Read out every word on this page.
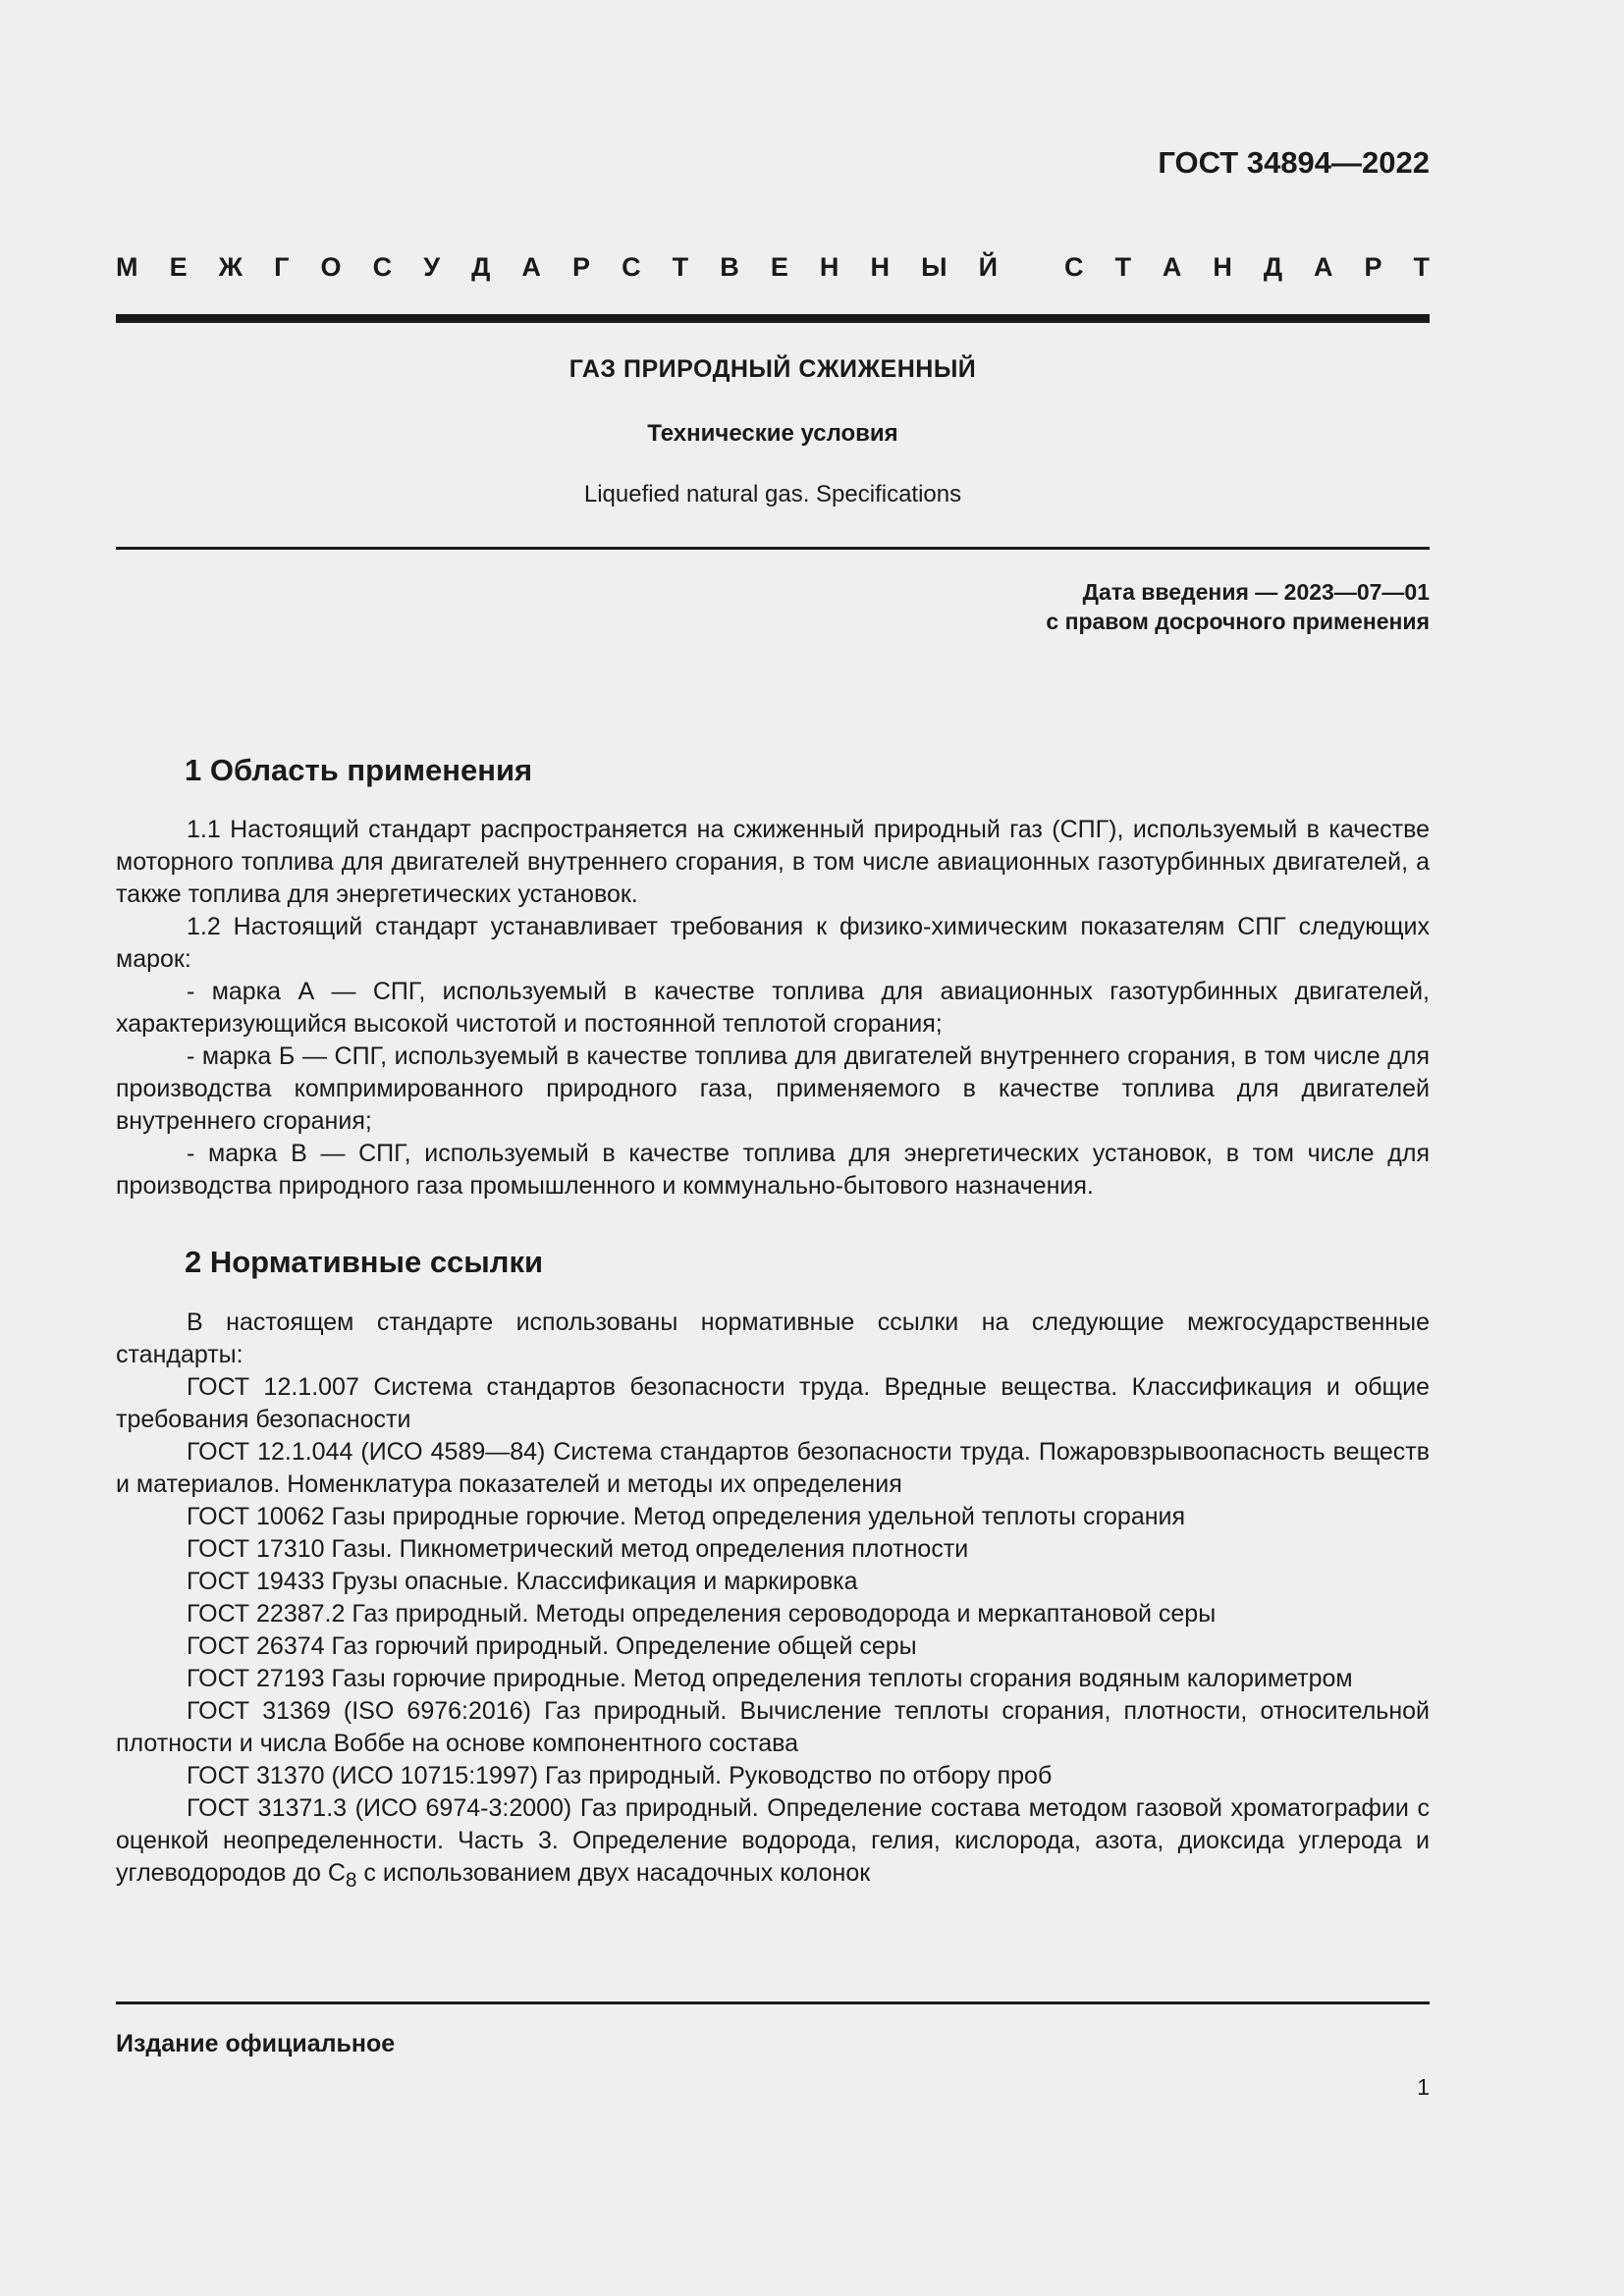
ГОСТ 34894—2022
М Е Ж Г О С У Д А Р С Т В Е Н Н Ы Й	С Т А Н Д А Р Т
ГАЗ ПРИРОДНЫЙ СЖИЖЕННЫЙ
Технические условия
Liquefied natural gas. Specifications
Дата введения — 2023—07—01
с правом досрочного применения
1 Область применения

1.1 Настоящий стандарт распространяется на сжиженный природный газ (СПГ), используемый в качестве моторного топлива для двигателей внутреннего сгорания, в том числе авиационных газотурбинных двигателей, а также топлива для энергетических установок.

1.2 Настоящий стандарт устанавливает требования к физико-химическим показателям СПГ следующих марок:

- марка А — СПГ, используемый в качестве топлива для авиационных газотурбинных двигателей, характеризующийся высокой чистотой и постоянной теплотой сгорания;

- марка Б — СПГ, используемый в качестве топлива для двигателей внутреннего сгорания, в том числе для производства компримированного природного газа, применяемого в качестве топлива для двигателей внутреннего сгорания;

- марка В — СПГ, используемый в качестве топлива для энергетических установок, в том числе для производства природного газа промышленного и коммунально-бытового назначения.

2 Нормативные ссылки

В настоящем стандарте использованы нормативные ссылки на следующие межгосударственные стандарты:

ГОСТ 12.1.007 Система стандартов безопасности труда. Вредные вещества. Классификация и общие требования безопасности

ГОСТ 12.1.044 (ИСО 4589—84) Система стандартов безопасности труда. Пожаровзрывоопасность веществ и материалов. Номенклатура показателей и методы их определения

ГОСТ 10062 Газы природные горючие. Метод определения удельной теплоты сгорания

ГОСТ 17310 Газы. Пикнометрический метод определения плотности

ГОСТ 19433 Грузы опасные. Классификация и маркировка

ГОСТ 22387.2 Газ природный. Методы определения сероводорода и меркаптановой серы

ГОСТ 26374 Газ горючий природный. Определение общей серы

ГОСТ 27193 Газы горючие природные. Метод определения теплоты сгорания водяным калориметром

ГОСТ 31369 (ISO 6976:2016) Газ природный. Вычисление теплоты сгорания, плотности, относительной плотности и числа Воббе на основе компонентного состава

ГОСТ 31370 (ИСО 10715:1997) Газ природный. Руководство по отбору проб

ГОСТ 31371.3 (ИСО 6974-3:2000) Газ природный. Определение состава методом газовой хроматографии с оценкой неопределенности. Часть 3. Определение водорода, гелия, кислорода, азота, диоксида углерода и углеводородов до $C_8$ с использованием двух насадочных колонок

Издание официальное
1
